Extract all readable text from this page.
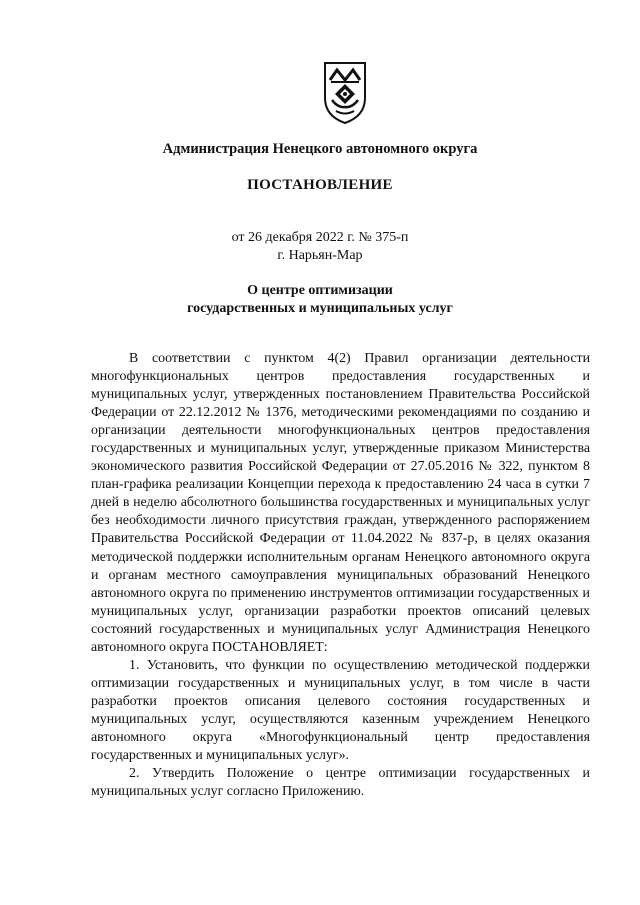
Администрация Ненецкого автономного округа
ПОСТАНОВЛЕНИЕ
от 26 декабря 2022 г. № 375-п
г. Нарьян-Мар
О центре оптимизации
государственных и муниципальных услуг

В соответствии с пунктом 4(2) Правил организации деятельности многофункциональных центров предоставления государственных и муниципальных услуг, утвержденных постановлением Правительства Российской Федерации от 22.12.2012 № 1376, методическими рекомендациями по созданию и организации деятельности многофункциональных центров предоставления государственных и муниципальных услуг, утвержденные приказом Министерства экономического развития Российской Федерации от 27.05.2016 № 322, пунктом 8 план-графика реализации Концепции перехода к предоставлению 24 часа в сутки 7 дней в неделю абсолютного большинства государственных и муниципальных услуг без необходимости личного присутствия граждан, утвержденного распоряжением Правительства Российской Федерации от 11.04.2022 № 837-р, в целях оказания методической поддержки исполнительным органам Ненецкого автономного округа и органам местного самоуправления муниципальных образований Ненецкого автономного округа по применению инструментов оптимизации государственных и муниципальных услуг, организации разработки проектов описаний целевых состояний государственных и муниципальных услуг Администрация Ненецкого автономного округа ПОСТАНОВЛЯЕТ:

1. Установить, что функции по осуществлению методической поддержки оптимизации государственных и муниципальных услуг, в том числе в части разработки проектов описания целевого состояния государственных и муниципальных услуг, осуществляются казенным учреждением Ненецкого автономного округа «Многофункциональный центр предоставления государственных и муниципальных услуг».

2. Утвердить Положение о центре оптимизации государственных и муниципальных услуг согласно Приложению.
